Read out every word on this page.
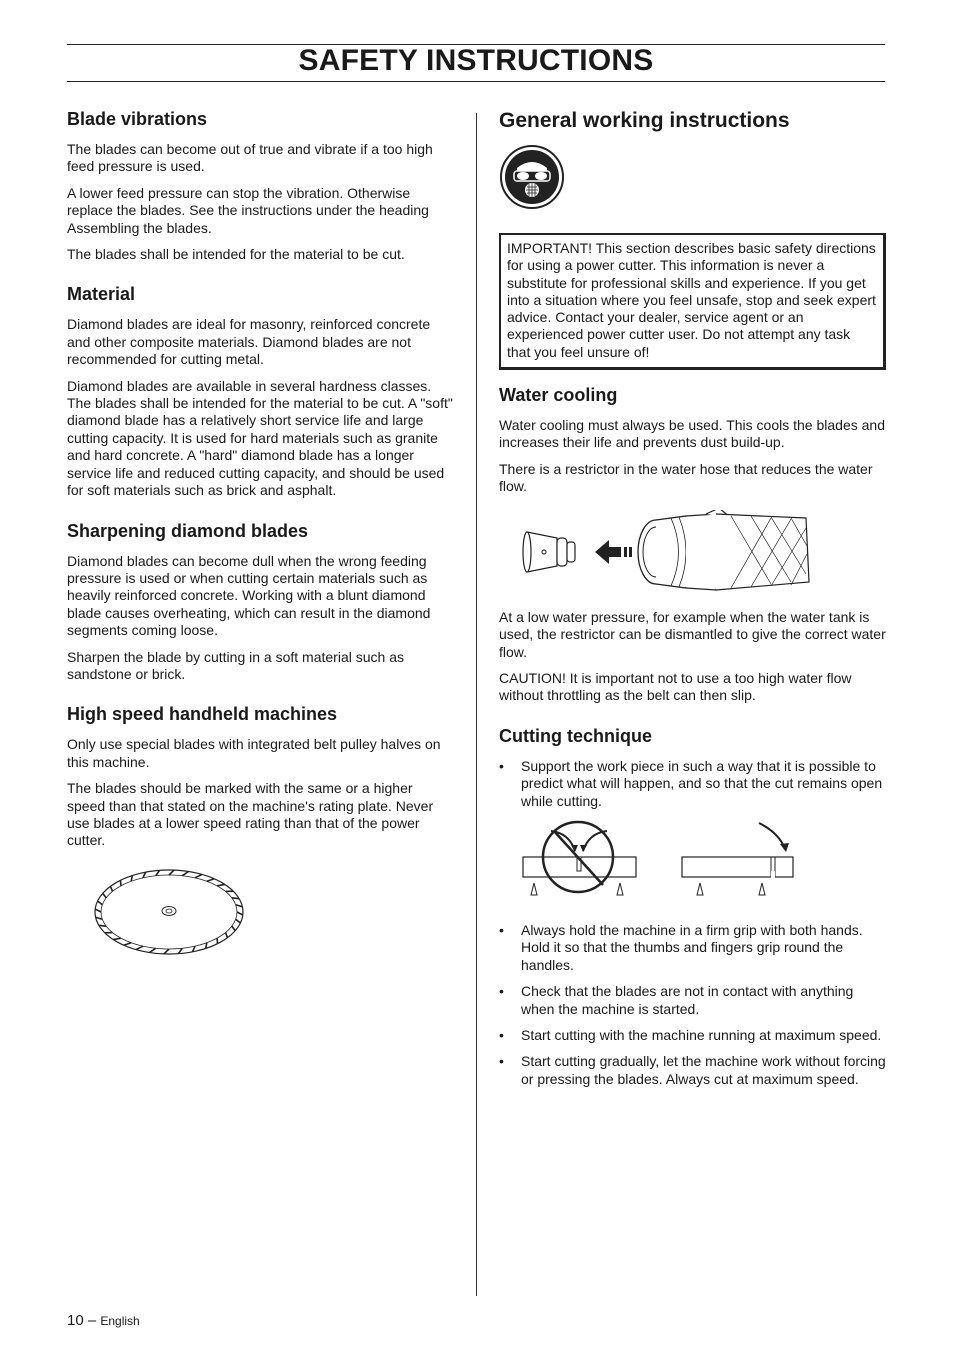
SAFETY INSTRUCTIONS
Blade vibrations

The blades can become out of true and vibrate if a too high feed pressure is used.

A lower feed pressure can stop the vibration. Otherwise replace the blades. See the instructions under the heading Assembling the blades.

The blades shall be intended for the material to be cut.

Material

Diamond blades are ideal for masonry, reinforced concrete and other composite materials. Diamond blades are not recommended for cutting metal.

Diamond blades are available in several hardness classes. The blades shall be intended for the material to be cut. A "soft" diamond blade has a relatively short service life and large cutting capacity. It is used for hard materials such as granite and hard concrete. A "hard" diamond blade has a longer service life and reduced cutting capacity, and should be used for soft materials such as brick and asphalt.

Sharpening diamond blades

Diamond blades can become dull when the wrong feeding pressure is used or when cutting certain materials such as heavily reinforced concrete. Working with a blunt diamond blade causes overheating, which can result in the diamond segments coming loose.

Sharpen the blade by cutting in a soft material such as sandstone or brick.

High speed handheld machines

Only use special blades with integrated belt pulley halves on this machine.

The blades should be marked with the same or a higher speed than that stated on the machine's rating plate. Never use blades at a lower speed rating than that of the power cutter.

General working instructions

IMPORTANT! This section describes basic safety directions for using a power cutter. This information is never a substitute for professional skills and experience. If you get into a situation where you feel unsafe, stop and seek expert advice. Contact your dealer, service agent or an experienced power cutter user. Do not attempt any task that you feel unsure of!

Water cooling

Water cooling must always be used. This cools the blades and increases their life and prevents dust build-up.

There is a restrictor in the water hose that reduces the water flow.

At a low water pressure, for example when the water tank is used, the restrictor can be dismantled to give the correct water flow.

CAUTION! It is important not to use a too high water flow without throttling as the belt can then slip.

Cutting technique
• Support the work piece in such a way that it is possible to predict what will happen, and so that the cut remains open while cutting.
• Always hold the machine in a firm grip with both hands. Hold it so that the thumbs and fingers grip round the handles.
• Check that the blades are not in contact with anything when the machine is started.
• Start cutting with the machine running at maximum speed.
• Start cutting gradually, let the machine work without forcing or pressing the blades. Always cut at maximum speed.
10 – English
